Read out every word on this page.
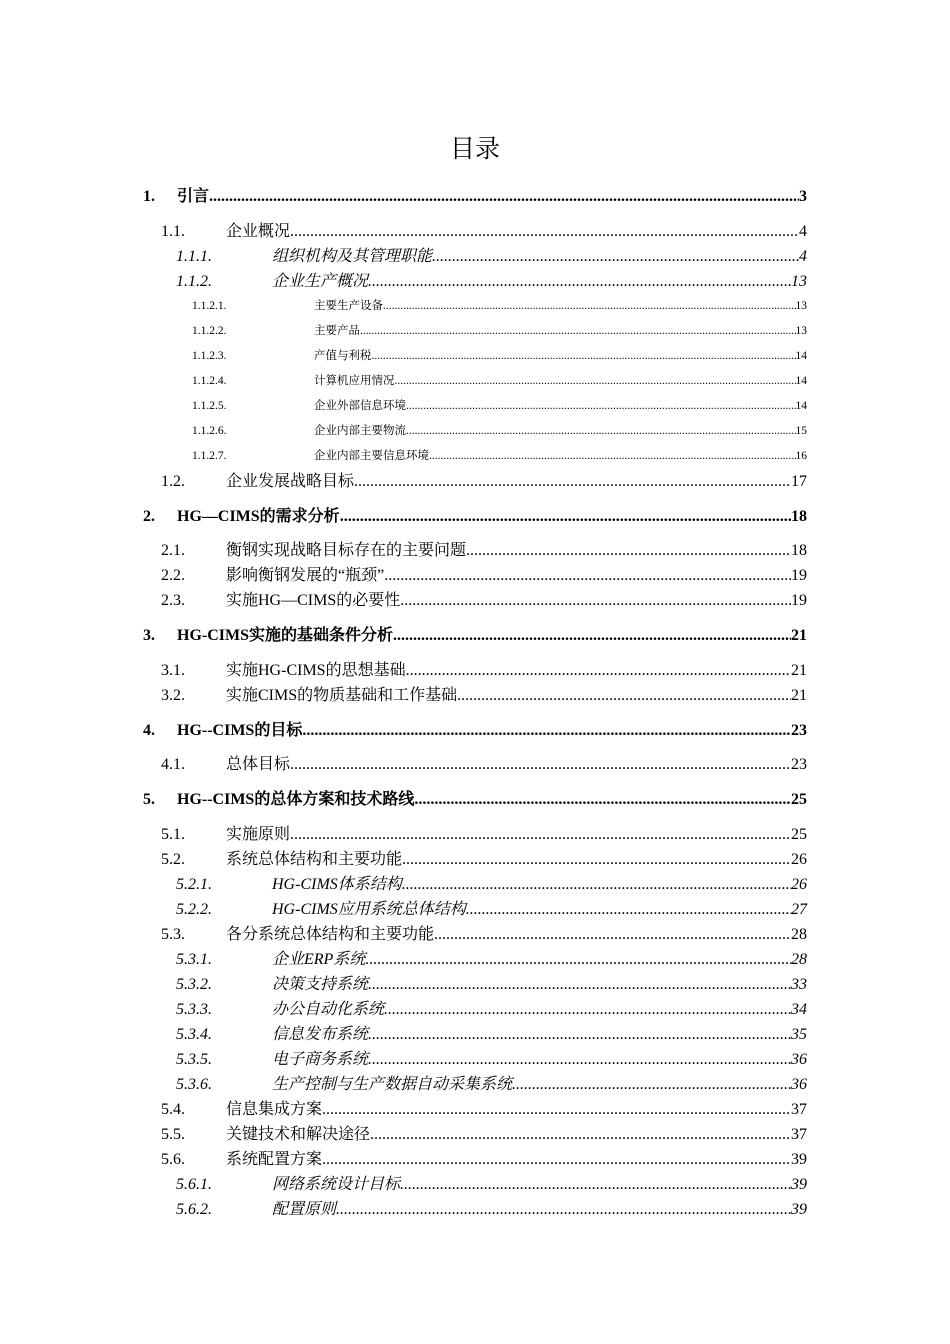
目录
1.	引言 .....	3
1.1.	企业概况 .....	4
1.1.1.	组织机构及其管理职能 .....	4
1.1.2.	企业生产概况 .....	13
1.1.2.1.	主要生产设备 .....	13
1.1.2.2.	主要产品 .....	13
1.1.2.3.	产值与利税 .....	14
1.1.2.4.	计算机应用情况 .....	14
1.1.2.5.	企业外部信息环境 .....	14
1.1.2.6.	企业内部主要物流 .....	15
1.1.2.7.	企业内部主要信息环境 .....	16
1.2.	企业发展战略目标 .....	17
2.	HG—CIMS的需求分析 .....	18
2.1.	衡钢实现战略目标存在的主要问题 .....	18
2.2.	影响衡钢发展的“瓶颈” .....	19
2.3.	实施HG—CIMS的必要性 .....	19
3.	HG-CIMS实施的基础条件分析 .....	21
3.1.	实施HG-CIMS的思想基础 .....	21
3.2.	实施CIMS的物质基础和工作基础 .....	21
4.	HG--CIMS的目标 .....	23
4.1.	总体目标 .....	23
5.	HG--CIMS的总体方案和技术路线 .....	25
5.1.	实施原则 .....	25
5.2.	系统总体结构和主要功能 .....	26
5.2.1.	HG-CIMS体系结构 .....	26
5.2.2.	HG-CIMS应用系统总体结构 .....	27
5.3.	各分系统总体结构和主要功能 .....	28
5.3.1.	企业ERP系统 .....	28
5.3.2.	决策支持系统 .....	33
5.3.3.	办公自动化系统 .....	34
5.3.4.	信息发布系统 .....	35
5.3.5.	电子商务系统 .....	36
5.3.6.	生产控制与生产数据自动采集系统 .....	36
5.4.	信息集成方案 .....	37
5.5.	关键技术和解决途径 .....	37
5.6.	系统配置方案 .....	39
5.6.1.	网络系统设计目标 .....	39
5.6.2.	配置原则 .....	39
